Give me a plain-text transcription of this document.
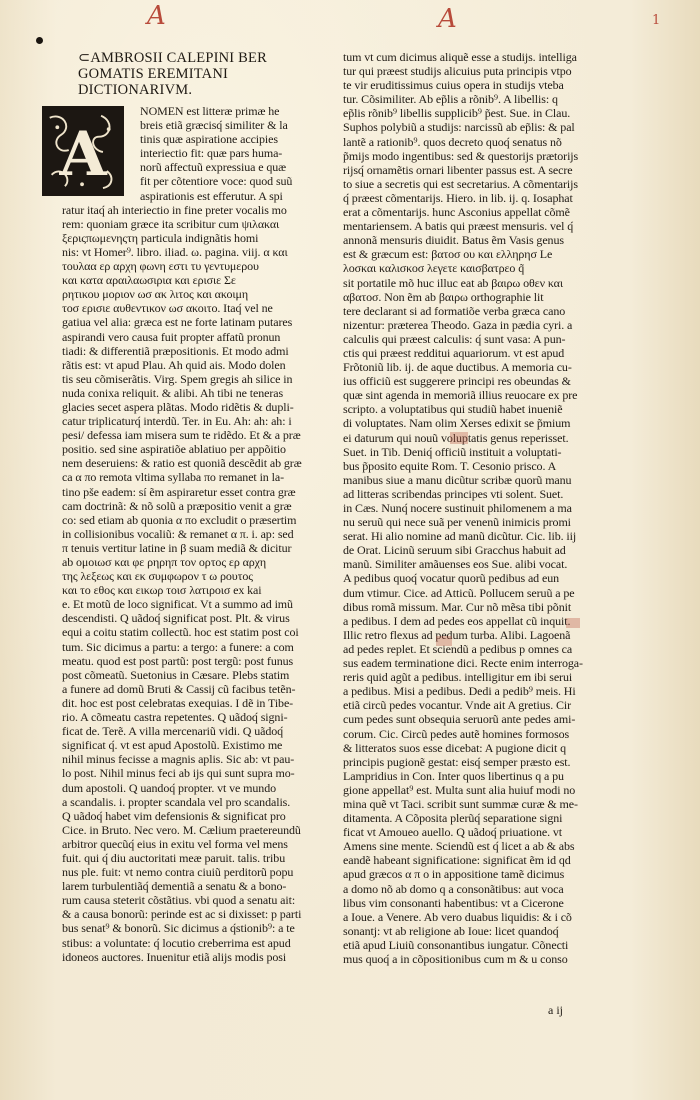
A	A	1
⊂AMBROSII CALEPINI BER
GOMATIS EREMITANI
DICTIONARIVM.
A
NOMEN est litteræ primæ he
breis etiã græcisq́ similiter & la
tinis quæ aspiratione accipies
interiectio fit: quæ pars huma-
norũ affectuũ expressiua e quæ
fit per cõtentiore voce: quod suũ
aspirationis est efferutur. A spi
ratur itaq́ ah interiectio in fine preter vocalis mo
rem: quoniam græce ita scribitur cum ψιλακαι
ξεριςπωμενηςτη particula indignãtis homi
nis: vt Homer⁹. libro. iliad. ω. pagina. viij. α και
τουλαα ερ αρχη φωνη εστι τυ γεντυμερου
και κατα αραιλαωσιρια και ερισιε Σε
ρητικου μοριον ωσ ακ λιτος και ακοιμη
τοσ ερισιε αυθεντικον ωσ ακοιτο. Itaq́ vel ne
gatiua vel alia: græca est ne forte latinam putares
aspirandi vero causa fuit propter affatũ pronun
tiadi: & differentiã præpositionis. Et modo admi
rãtis est: vt apud Plau. Ah quid ais. Modo dolen
tis seu cõmiserãtis. Virg. Spem gregis ah silice in
nuda conixa reliquit. & alibi. Ah tibi ne teneras
glacies secet aspera plãtas. Modo ridẽtis & dupli-
catur triplicaturq́ interdũ. Ter. in Eu. Ah: ah: ah: i
pesi/ defessa iam misera sum te ridẽdo. Et & a præ
positio. sed sine aspiratiõe ablatiuo per appõitio
nem deseruiens: & ratio est quoniã descẽdit ab græ
ca α πο remota vltima syllaba πο remanet in la-
tino pše eadem: sí ẽm aspiraretur esset contra græ
cam doctrinã: & nõ solũ a præpositio venit a græ
co: sed etiam ab quonia α πο excludit o præsertim
in collisionibus vocaliũ: & remanet α π. i. ap: sed
π tenuis vertitur latine in β suam mediã & dicitur
ab ομοιωσ και φε ρηρηπ τον ορτος ερ αρχη
της λεξεως και εκ συμφωρον τ ω ρουτος
και το εθος και εικωρ τοισ λατιροισ ex kai
e. Et motũ de loco significat. Vt a summo ad imũ
descendisti. Q uãdoq́ significat post. Plt. & virus
equi a coitu statim collectũ. hoc est statim post coi
tum. Sic dicimus a partu: a tergo: a funere: a com
meatu. quod est post partũ: post tergũ: post funus
post cõmeatũ. Suetonius in Cæsare. Plebs statim
a funere ad domũ Bruti & Cassij cũ facibus tetẽn-
dit. hoc est post celebratas exequias. I dẽ in Tibe-
rio. A cõmeatu castra repetentes. Q uãdoq́ signi-
ficat de. Terẽ. A villa mercenariũ vidi. Q uãdoq́
significat q́. vt est apud Apostolũ. Existimo me
nihil minus fecisse a magnis aplis. Sic ab: vt pau-
lo post. Nihil minus feci ab ijs qui sunt supra mo-
dum apostoli. Q uandoq́ propter. vt ve mundo
a scandalis. i. propter scandala vel pro scandalis.
Q uãdoq́ habet vim defensionis & significat pro
Cice. in Bruto. Nec vero. M. Cælium praetereundũ
arbitror quecũq́ eius in exitu vel forma vel mens
fuit. qui q́ diu auctoritati meæ paruit. talis. tribu
nus ple. fuit: vt nemo contra ciuiũ perditorũ popu
larem turbulentiãq́ dementiã a senatu & a bono-
rum causa steterit cõstãtius. vbi quod a senatu ait:
& a causa bonorũ: perinde est ac si dixisset: p parti
bus senat⁹ & bonorũ. Sic dicimus a q́stionib⁹: a te
stibus: a voluntate: q́ locutio creberrima est apud
idoneos auctores. Inuenitur etiã alijs modis posi
tum vt cum dicimus aliquẽ esse a studijs. intelliga
tur qui præest studijs alicuius puta principis vtpo
te vir eruditissimus cuius opera in studijs vteba
tur. Cõsimiliter. Ab ep̃lis a rõnib⁹. A libellis: q
ep̃lis rõnib⁹ libellis supplicib⁹ p̃est. Sue. in Clau.
Suphos polybiũ a studijs: narcissũ ab ep̃lis: & pal
lantẽ a rationib⁹. quos decreto quoq́ senatus nõ
p̃mijs modo ingentibus: sed & questorijs prætorijs
rijsq́ ornamẽtis ornari libenter passus est. A secre
to siue a secretis qui est secretarius. A cõmentarijs
q́ præest cõmentarijs. Hiero. in lib. ij. q. Iosaphat
erat a cõmentarijs. hunc Asconius appellat cõmẽ
mentariensem. A batis qui præest mensuris. vel q́
annonã mensuris diuidit. Batus ẽm Vasis genus
est & græcum est: βατοσ ου και ελληρησ Le
λοσκαι καλισκοσ λεγετε καισβατρεο q̃
sit portatile mõ huc illuc eat ab βαιρω οθεν και
αβατοσ. Non ẽm ab βαιρω orthographie lit
tere declarant si ad formatiõe verba græca cano
nizentur: præterea Theodo. Gaza in pædia cyri. a
calculis qui præest calculis: q́ sunt vasa: A pun-
ctis qui præest redditui aquariorum. vt est apud
Frõtoniũ lib. ij. de aque ductibus. A memoria cu-
ius officiũ est suggerere principi res obeundas &
quæ sint agenda in memoriã illius reuocare ex pre
scripto. a voluptatibus qui studiũ habet inueniẽ
di voluptates. Nam olim Xerses edixit se p̃mium
ei daturum qui nouũ voluptatis genus reperisset.
Suet. in Tib. Deniq́ officiũ instituit a voluptati-
bus p̃posito equite Rom. T. Cesonio prisco. A
manibus siue a manu dicũtur scribæ quorũ manu
ad litteras scribendas principes vti solent. Suet.
in Cæs. Nunq́ nocere sustinuit philomenem a ma
nu seruũ qui nece suã per venenũ inimicis promi
serat. Hi alio nomine ad manũ dicũtur. Cic. lib. iij
de Orat. Licinũ seruum sibi Gracchus habuit ad
manũ. Similiter amãuenses eos Sue. alibi vocat.
A pedibus quoq́ vocatur quorũ pedibus ad eun
dum vtimur. Cice. ad Atticũ. Pollucem seruũ a pe
dibus romã missum. Mar. Cur nõ mẽsa tibi põnit
a pedibus. I dem ad pedes eos appellat cũ inquit.
Illic retro flexus ad pedum turba. Alibi. Lagoenã
ad pedes replet. Et sciendũ a pedibus p omnes ca
sus eadem terminatione dici. Recte enim interroga-
reris quid agũt a pedibus. intelligitur em ibi serui
a pedibus. Misi a pedibus. Dedi a pedib⁹ meis. Hi
etiã circũ pedes vocantur. Vnde ait A gretius. Cir
cum pedes sunt obsequia seruorũ ante pedes ami-
corum. Cic. Circũ pedes autẽ homines formosos
& litteratos suos esse dicebat: A pugione dicit q
principis pugionẽ gestat: eisq́ semper præsto est.
Lampridius in Con. Inter quos libertinus q a pu
gione appellat⁹ est. Multa sunt alia huiuf modi no
mina quẽ vt Taci. scribit sunt summæ curæ & me-
ditamenta. A Cõposita plerũq́ separatione signi
ficat vt Amoueo auello. Q uãdoq́ priuatione. vt
Amens sine mente. Sciendũ est q́ licet a ab & abs
eandẽ habeant significatione: significat ẽm id qd
apud græcos α π ο in appositione tamẽ dicimus
a domo nõ ab domo q a consonãtibus: aut voca
libus vim consonanti habentibus: vt a Cicerone
a Ioue. a Venere. Ab vero duabus liquidis: & i cõ
sonantj: vt ab religione ab Ioue: licet quandoq́
etiã apud Liuiũ consonantibus iungatur. Cõnecti
mus quoq́ a in cõpositionibus cum m & u conso
a ij
